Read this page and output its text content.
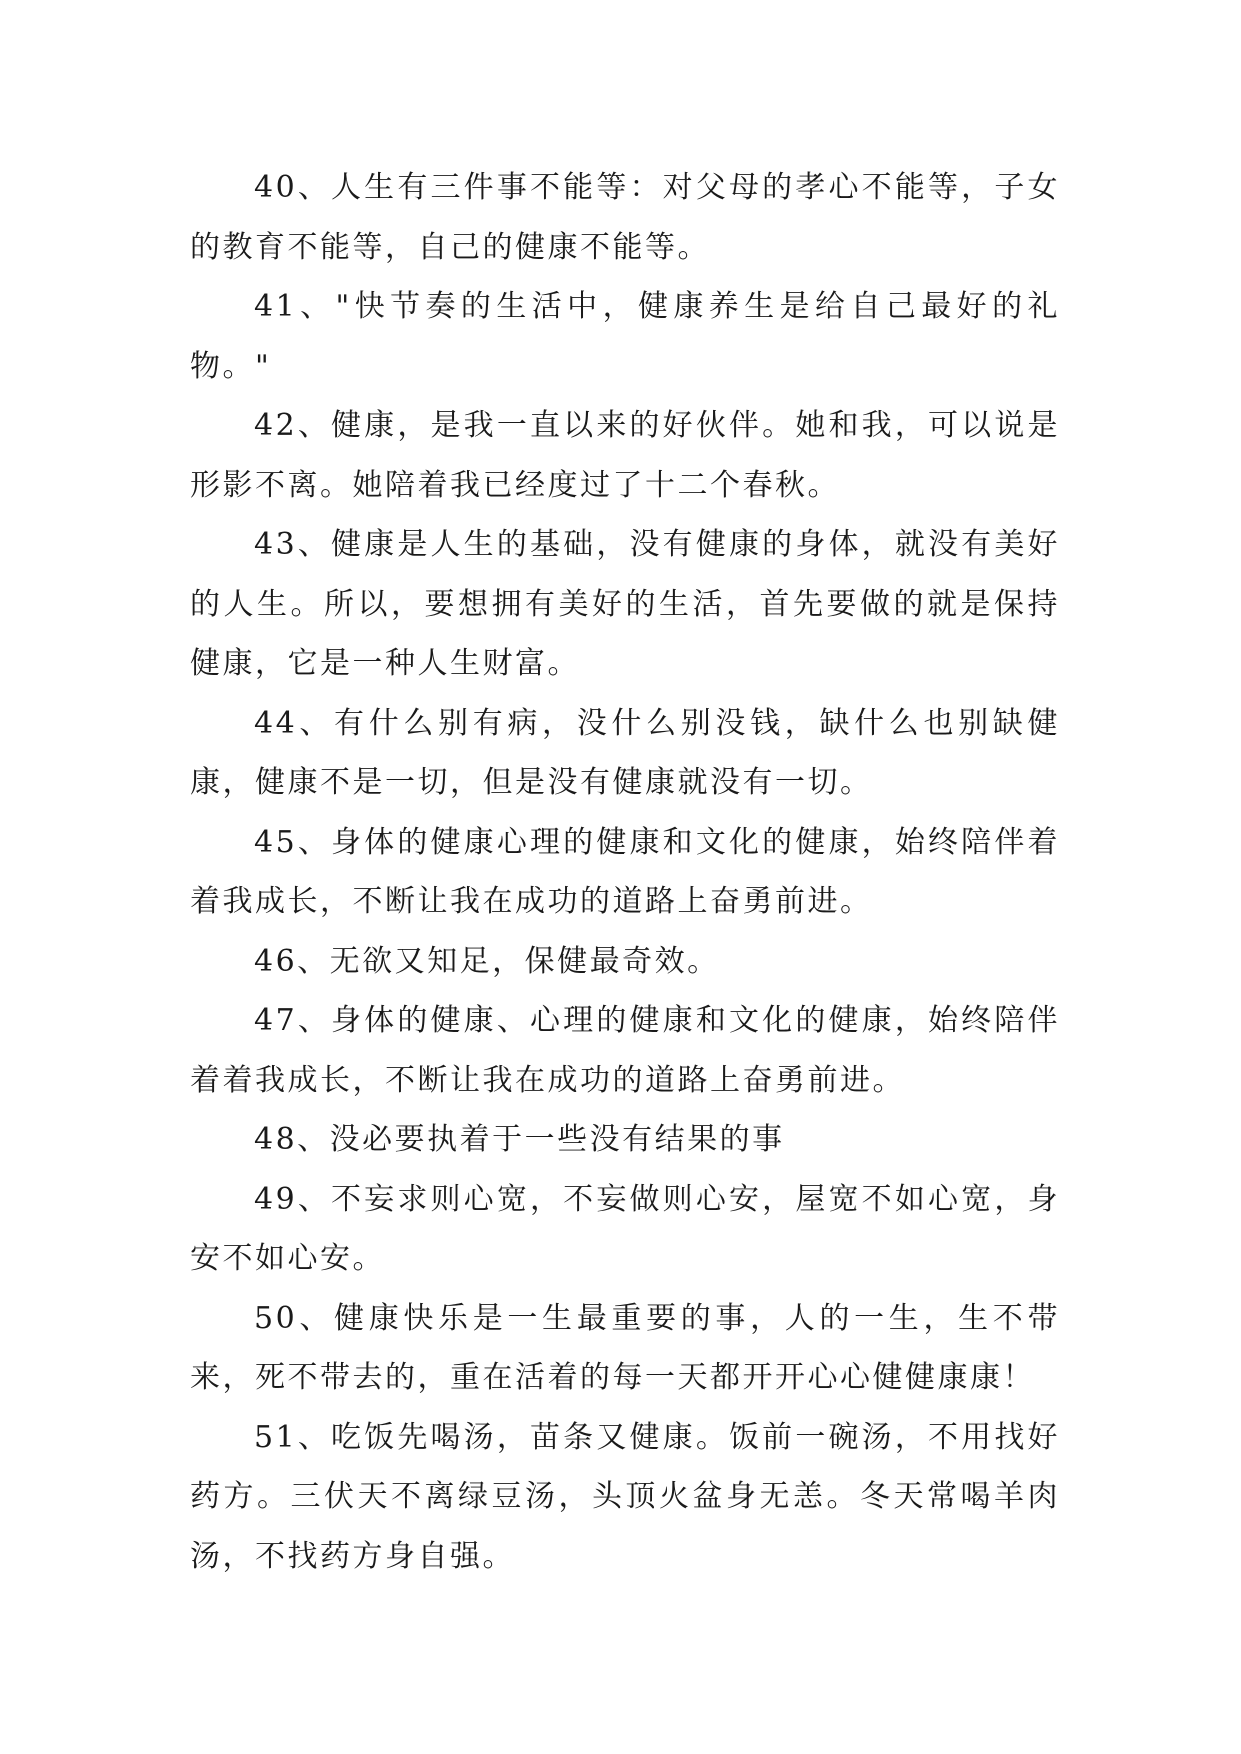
40、人生有三件事不能等：对父母的孝心不能等，子女的教育不能等，自己的健康不能等。

41、"快节奏的生活中，健康养生是给自己最好的礼物。"

42、健康，是我一直以来的好伙伴。她和我，可以说是形影不离。她陪着我已经度过了十二个春秋。

43、健康是人生的基础，没有健康的身体，就没有美好的人生。所以，要想拥有美好的生活，首先要做的就是保持健康，它是一种人生财富。

44、有什么别有病，没什么别没钱，缺什么也别缺健康，健康不是一切，但是没有健康就没有一切。

45、身体的健康心理的健康和文化的健康，始终陪伴着着我成长，不断让我在成功的道路上奋勇前进。

46、无欲又知足，保健最奇效。

47、身体的健康、心理的健康和文化的健康，始终陪伴着着我成长，不断让我在成功的道路上奋勇前进。

48、没必要执着于一些没有结果的事

49、不妄求则心宽，不妄做则心安，屋宽不如心宽，身安不如心安。

50、健康快乐是一生最重要的事，人的一生，生不带来，死不带去的，重在活着的每一天都开开心心健健康康！

51、吃饭先喝汤，苗条又健康。饭前一碗汤，不用找好药方。三伏天不离绿豆汤，头顶火盆身无恙。冬天常喝羊肉汤，不找药方身自强。
